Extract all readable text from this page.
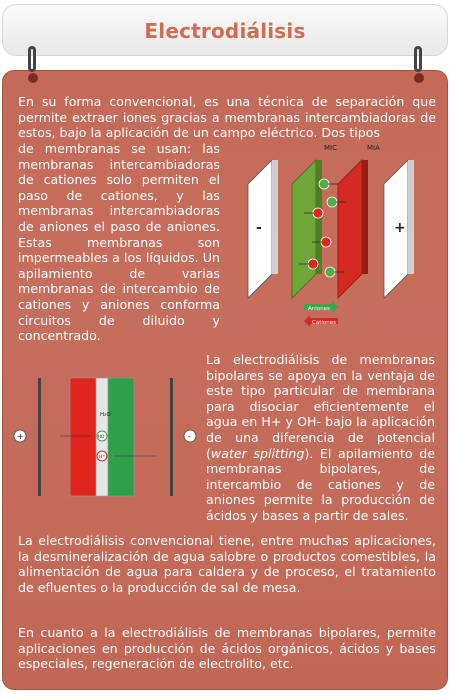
Electrodiálisis
En su forma convencional, es una técnica de separación que permite extraer iones gracias a membranas intercambiadoras de estos, bajo la aplicación de un campo eléctrico. Dos tipos
de membranas se usan: las membranas intercambiadoras de cationes solo permiten el paso de cationes, y las membranas intercambiadoras de aniones el paso de aniones. Estas membranas son impermeables a los líquidos. Un apilamiento de varias membranas de intercambio de cationes y aniones conforma circuitos de diluido y concentrado.
MIC	MIA
-	+
Aniones
Cationes
+	-
H₂O
HO⁻
H⁺
La electrodiálisis de membranas bipolares se apoya en la ventaja de este tipo particular de membrana para disociar eficientemente el agua en H+ y OH- bajo la aplicación de una diferencia de potencial (water splitting). El apilamiento de membranas bipolares, de intercambio de cationes y de aniones permite la producción de ácidos y bases a partir de sales.
La electrodiálisis convencional tiene, entre muchas aplicaciones, la desmineralización de agua salobre o productos comestibles, la alimentación de agua para caldera y de proceso, el tratamiento de efluentes o la producción de sal de mesa.
En cuanto a la electrodiálisis de membranas bipolares, permite aplicaciones en producción de ácidos orgánicos, ácidos y bases especiales, regeneración de electrolito, etc.
